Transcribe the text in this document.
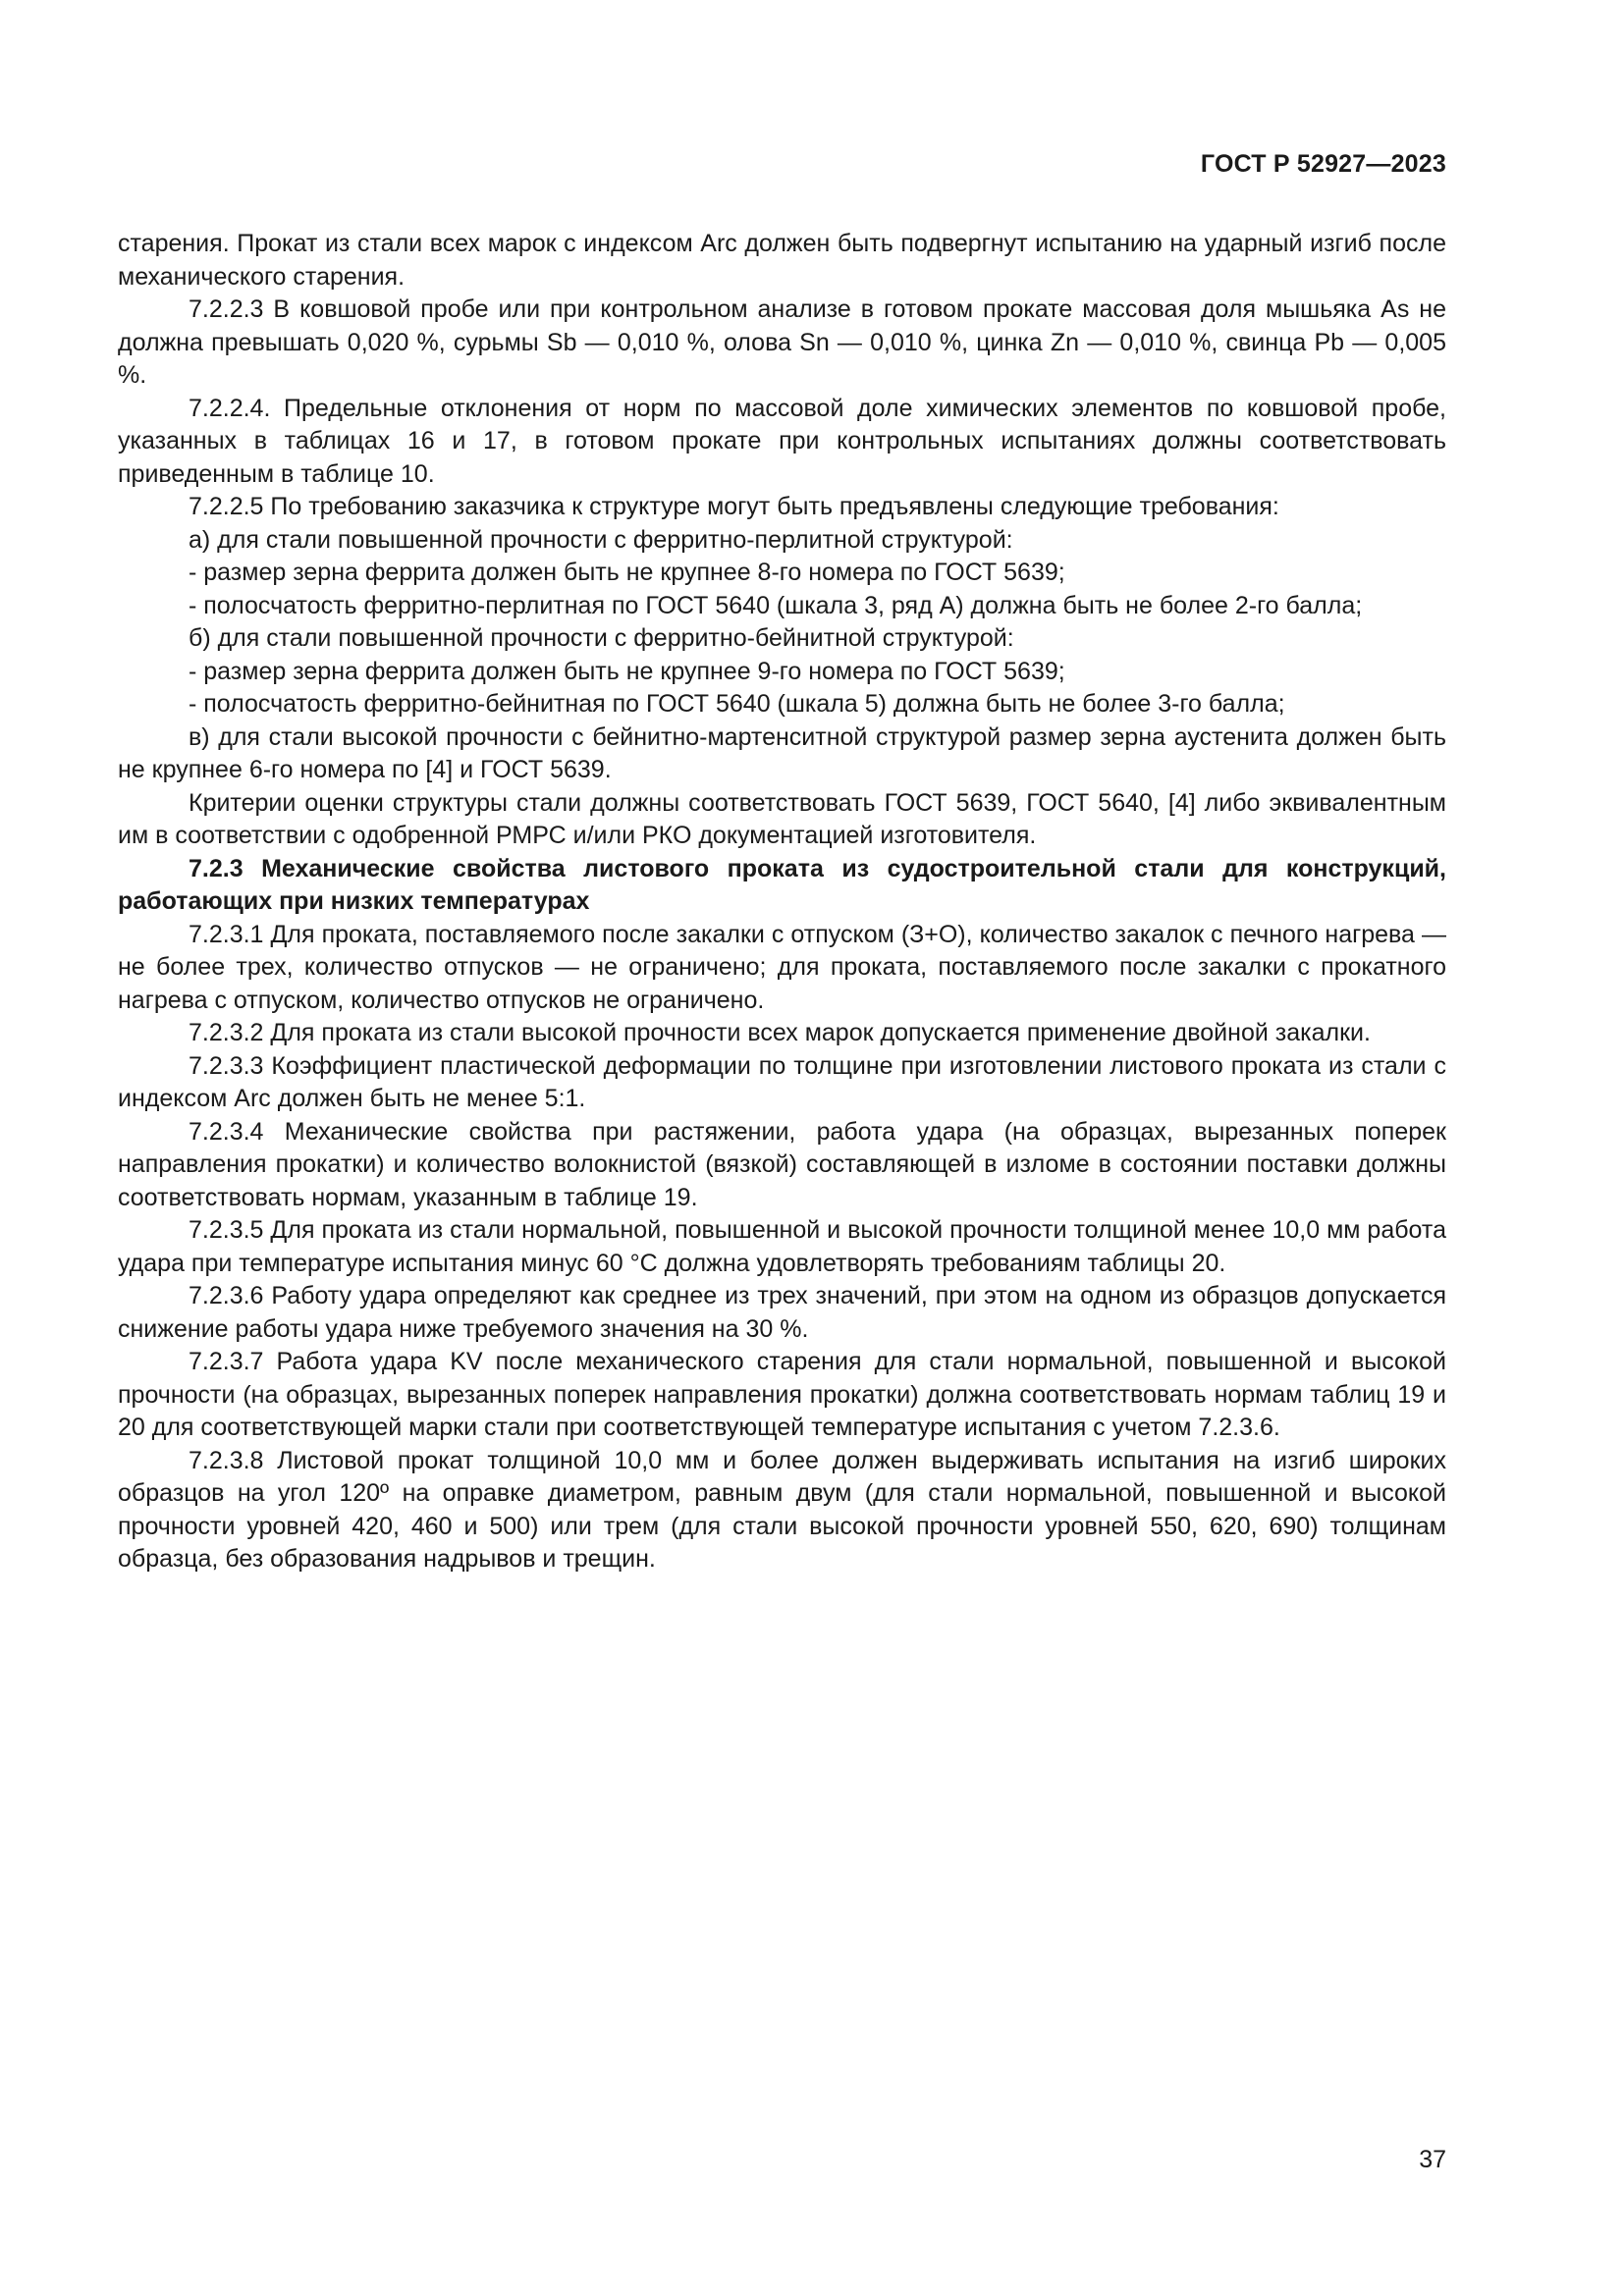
ГОСТ Р 52927—2023

старения. Прокат из стали всех марок с индексом Arc должен быть подвергнут испытанию на ударный изгиб после механического старения.

7.2.2.3 В ковшовой пробе или при контрольном анализе в готовом прокате массовая доля мышьяка As не должна превышать 0,020 %, сурьмы Sb — 0,010 %, олова Sn — 0,010 %, цинка Zn — 0,010 %, свинца Pb — 0,005 %.

7.2.2.4. Предельные отклонения от норм по массовой доле химических элементов по ковшовой пробе, указанных в таблицах 16 и 17, в готовом прокате при контрольных испытаниях должны соответствовать приведенным в таблице 10.

7.2.2.5 По требованию заказчика к структуре могут быть предъявлены следующие требования:

а) для стали повышенной прочности с ферритно-перлитной структурой:

- размер зерна феррита должен быть не крупнее 8-го номера по ГОСТ 5639;

- полосчатость ферритно-перлитная по ГОСТ 5640 (шкала 3, ряд А) должна быть не более 2-го балла;

б) для стали повышенной прочности с ферритно-бейнитной структурой:

- размер зерна феррита должен быть не крупнее 9-го номера по ГОСТ 5639;

- полосчатость ферритно-бейнитная по ГОСТ 5640 (шкала 5) должна быть не более 3-го балла;

в) для стали высокой прочности с бейнитно-мартенситной структурой размер зерна аустенита должен быть не крупнее 6-го номера по [4] и ГОСТ 5639.

Критерии оценки структуры стали должны соответствовать ГОСТ 5639, ГОСТ 5640, [4] либо эквивалентным им в соответствии с одобренной РМРС и/или РКО документацией изготовителя.

7.2.3 Механические свойства листового проката из судостроительной стали для конструкций, работающих при низких температурах

7.2.3.1 Для проката, поставляемого после закалки с отпуском (З+О), количество закалок с печного нагрева — не более трех, количество отпусков — не ограничено; для проката, поставляемого после закалки с прокатного нагрева с отпуском, количество отпусков не ограничено.

7.2.3.2 Для проката из стали высокой прочности всех марок допускается применение двойной закалки.

7.2.3.3 Коэффициент пластической деформации по толщине при изготовлении листового проката из стали с индексом Arc должен быть не менее 5:1.

7.2.3.4 Механические свойства при растяжении, работа удара (на образцах, вырезанных поперек направления прокатки) и количество волокнистой (вязкой) составляющей в изломе в состоянии поставки должны соответствовать нормам, указанным в таблице 19.

7.2.3.5 Для проката из стали нормальной, повышенной и высокой прочности толщиной менее 10,0 мм работа удара при температуре испытания минус 60 °С должна удовлетворять требованиям таблицы 20.

7.2.3.6 Работу удара определяют как среднее из трех значений, при этом на одном из образцов допускается снижение работы удара ниже требуемого значения на 30 %.

7.2.3.7 Работа удара KV после механического старения для стали нормальной, повышенной и высокой прочности (на образцах, вырезанных поперек направления прокатки) должна соответствовать нормам таблиц 19 и 20 для соответствующей марки стали при соответствующей температуре испытания с учетом 7.2.3.6.

7.2.3.8 Листовой прокат толщиной 10,0 мм и более должен выдерживать испытания на изгиб широких образцов на угол 120º на оправке диаметром, равным двум (для стали нормальной, повышенной и высокой прочности уровней 420, 460 и 500) или трем (для стали высокой прочности уровней 550, 620, 690) толщинам образца, без образования надрывов и трещин.

37
